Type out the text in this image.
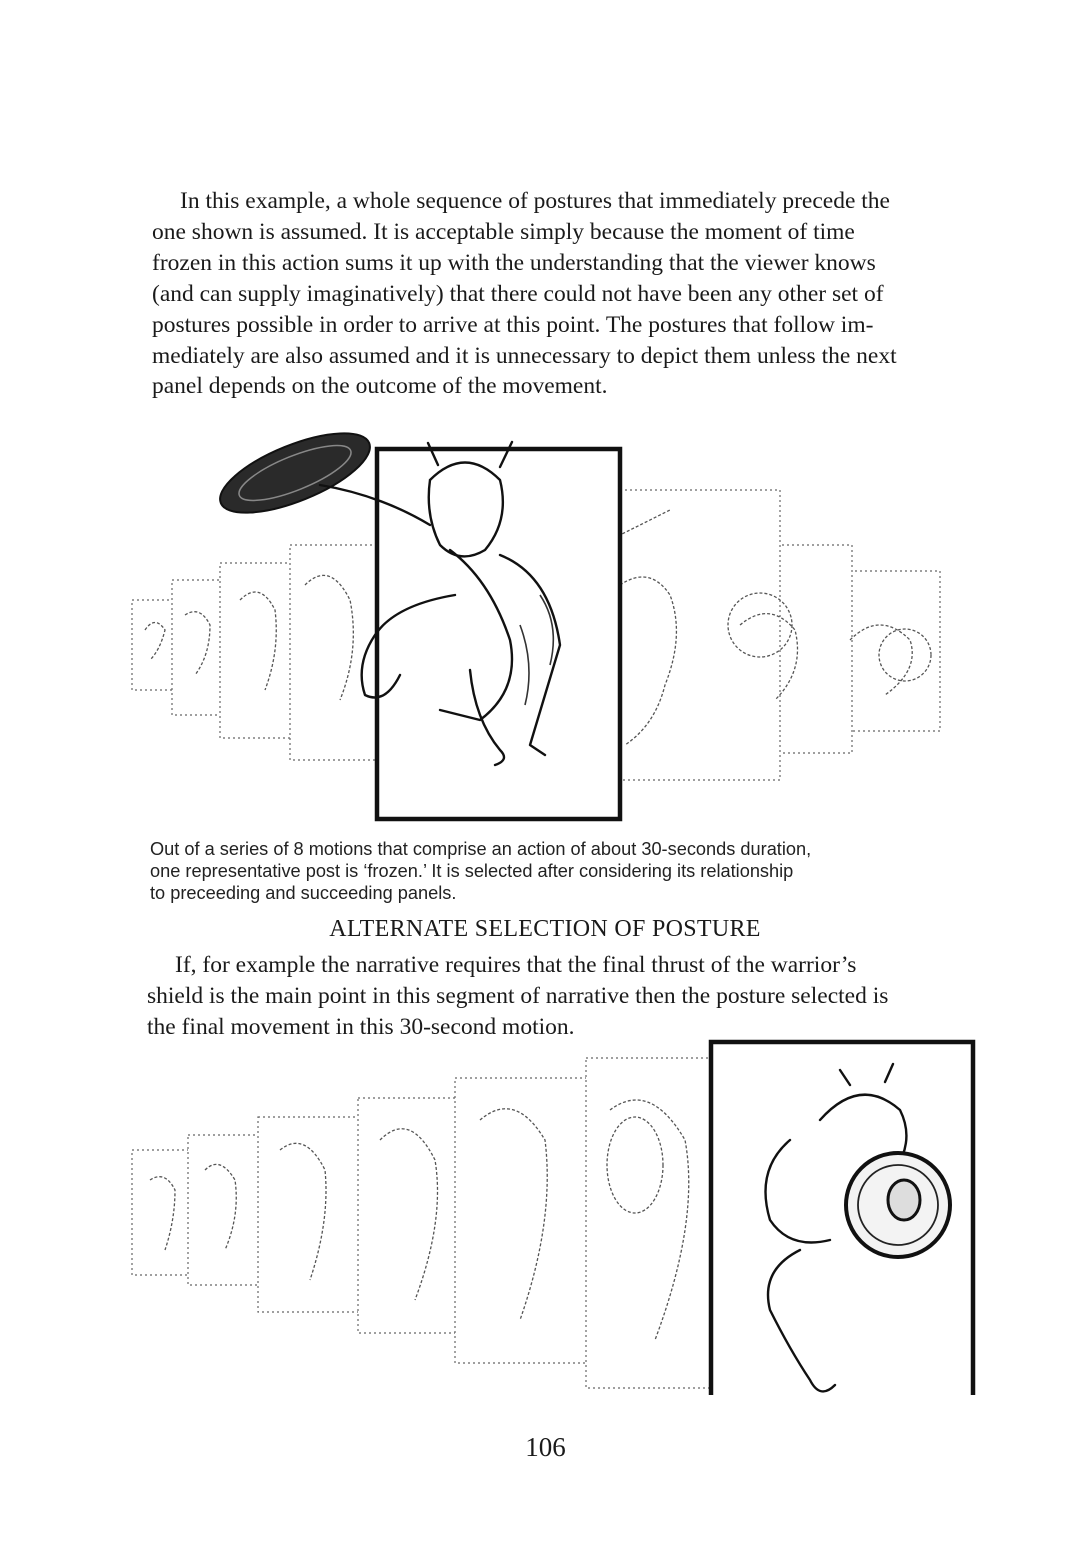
In this example, a whole sequence of postures that immediately precede the
one shown is assumed. It is acceptable simply because the moment of time
frozen in this action sums it up with the understanding that the viewer knows
(and can supply imaginatively) that there could not have been any other set of
postures possible in order to arrive at this point. The postures that follow im-
mediately are also assumed and it is unnecessary to depict them unless the next
panel depends on the outcome of the movement.

Out of a series of 8 motions that comprise an action of about 30-seconds duration,
one representative post is ‘frozen.’ It is selected after considering its relationship
to preceeding and succeeding panels.
ALTERNATE SELECTION OF POSTURE

If, for example the narrative requires that the final thrust of the warrior’s
shield is the main point in this segment of narrative then the posture selected is
the final movement in this 30-second motion.

106
